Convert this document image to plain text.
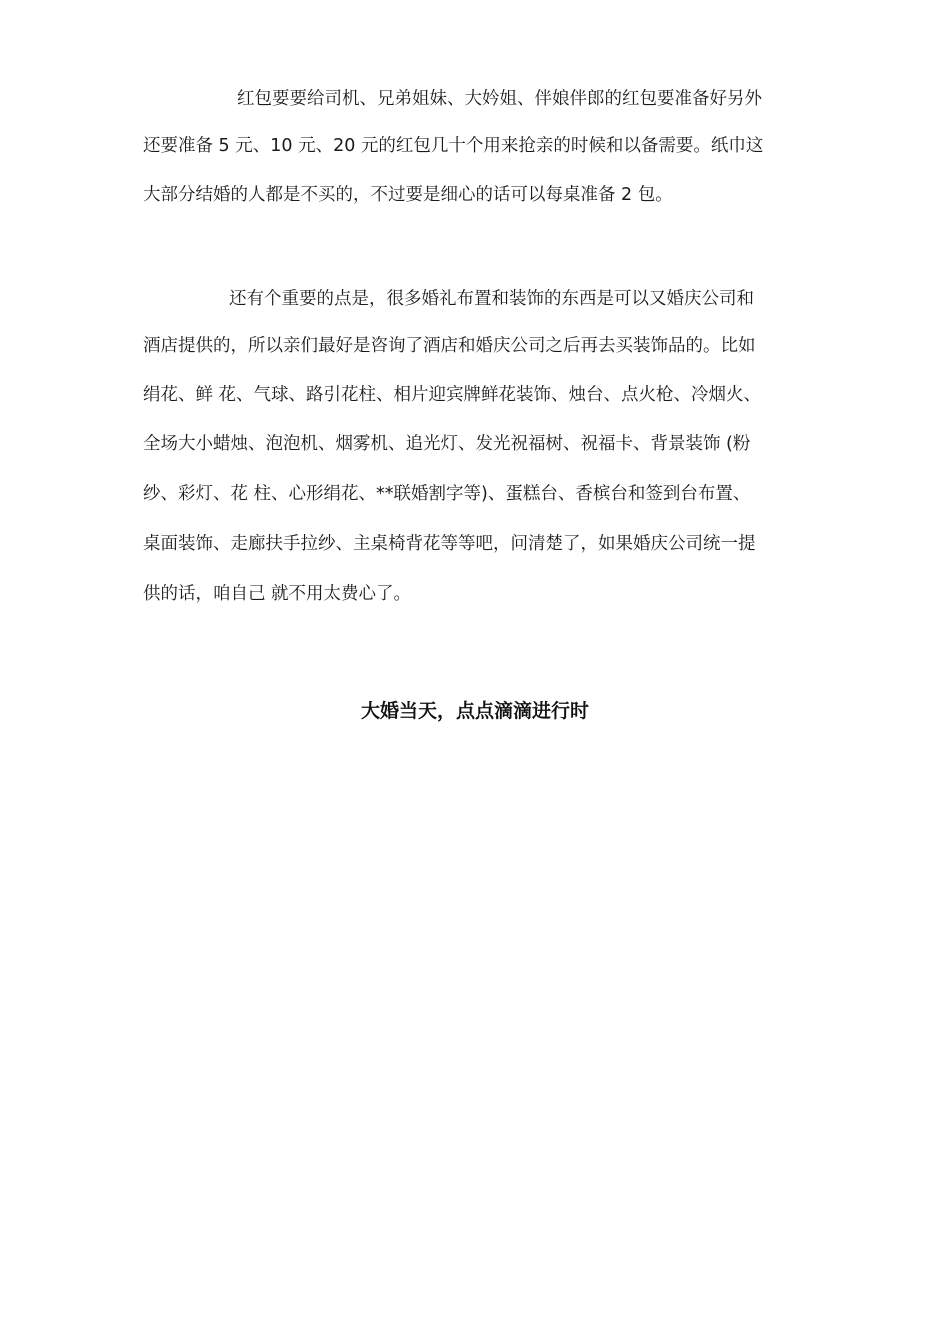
红包要要给司机、兄弟姐妹、大妗姐、伴娘伴郎的红包要准备好另外
还要准备 5 元、10 元、20 元的红包几十个用来抢亲的时候和以备需要。纸巾这
大部分结婚的人都是不买的，不过要是细心的话可以每桌准备 2 包。
还有个重要的点是，很多婚礼布置和装饰的东西是可以又婚庆公司和
酒店提供的，所以亲们最好是咨询了酒店和婚庆公司之后再去买装饰品的。比如
绢花、鲜 花、气球、路引花柱、相片迎宾牌鲜花装饰、烛台、点火枪、冷烟火、
全场大小蜡烛、泡泡机、烟雾机、追光灯、发光祝福树、祝福卡、背景装饰 (粉
纱、彩灯、花 柱、心形绢花、**联婚割字等)、蛋糕台、香槟台和签到台布置、
桌面装饰、走廊扶手拉纱、主桌椅背花等等吧，问清楚了，如果婚庆公司统一提
供的话，咱自己 就不用太费心了。
大婚当天，点点滴滴进行时
